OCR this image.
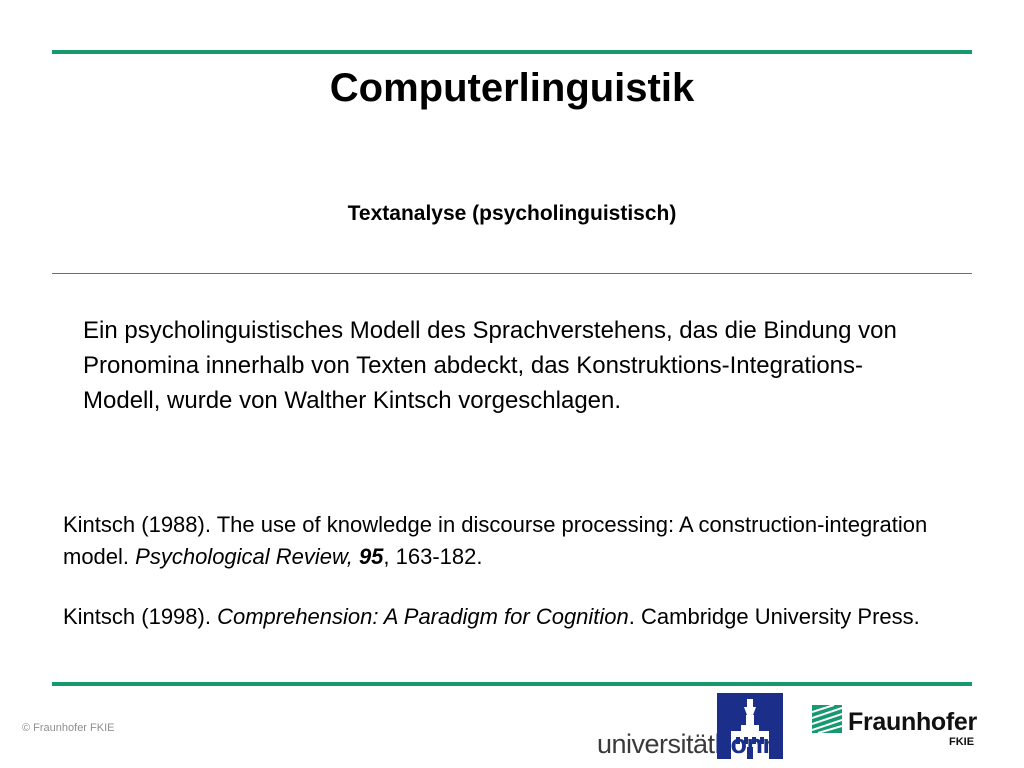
Computerlinguistik
Textanalyse (psycholinguistisch)
Ein psycholinguistisches Modell des Sprachverstehens, das die Bindung von Pronomina innerhalb von Texten abdeckt, das Konstruktions-Integrations-Modell, wurde von Walther Kintsch vorgeschlagen.
Kintsch (1988). The use of knowledge in discourse processing: A construction-integration model. Psychological Review, 95, 163-182.
Kintsch (1998). Comprehension: A Paradigm for Cognition. Cambridge University Press.
© Fraunhofer FKIE
universitätbonn
Fraunhofer
FKIE
